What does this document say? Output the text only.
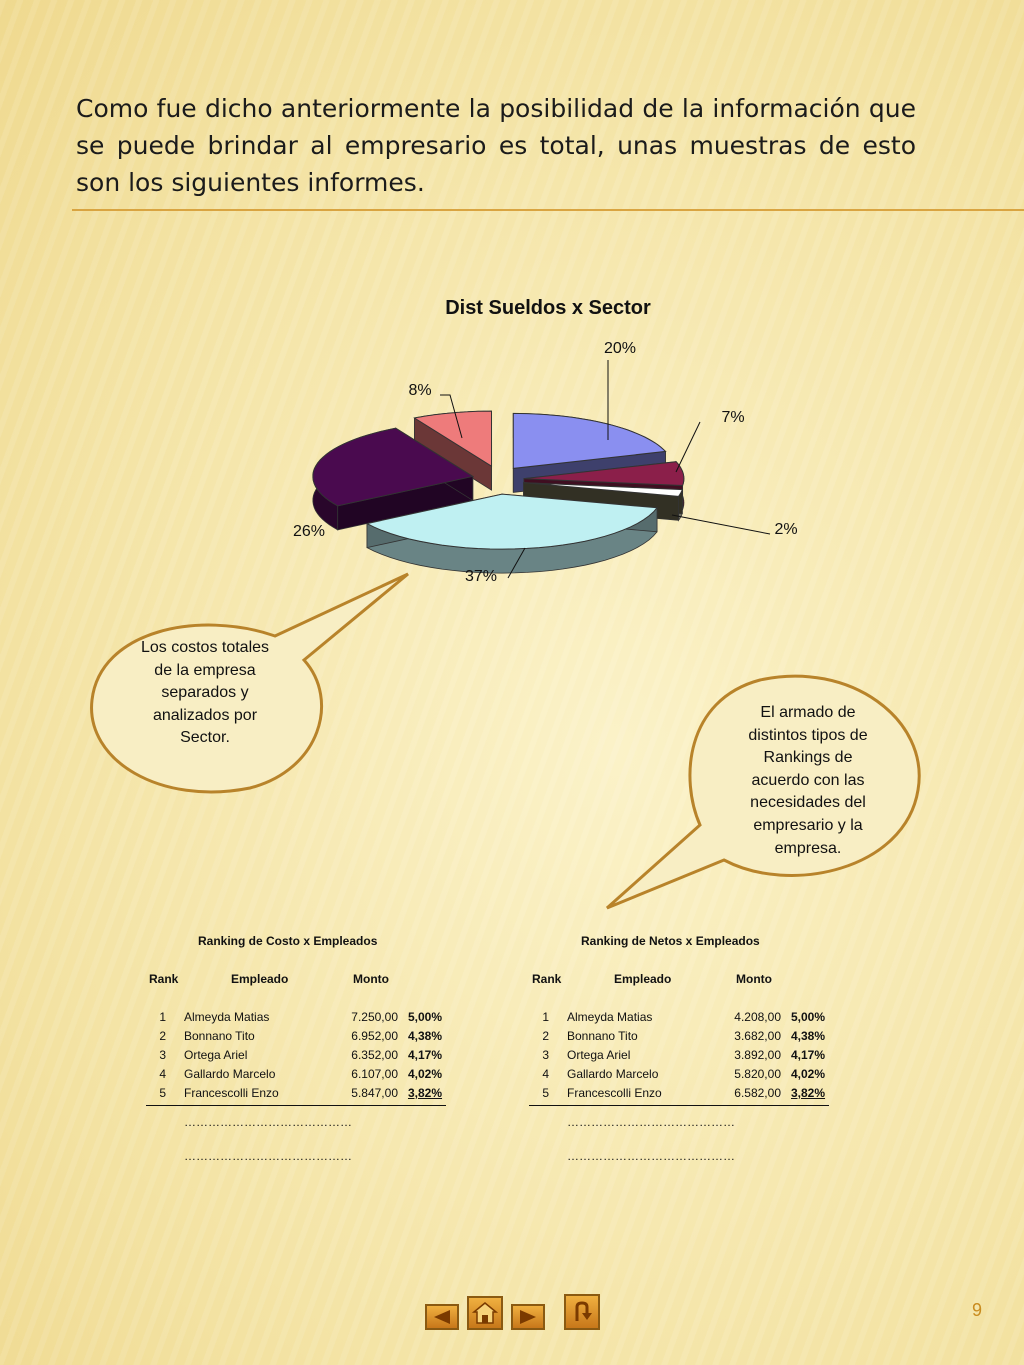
Como fue dicho anteriormente la posibilidad de la información que se puede brindar al empresario es total, unas muestras de esto son los siguientes informes.

Dist Sueldos x Sector
20%
7%
2%
37%
26%
8%
Los costos totales de la empresa separados y analizados por Sector.
El armado de distintos tipos de Rankings de acuerdo con las necesidades del empresario y la empresa.
Ranking de Costo x Empleados
Rank	Empleado	Monto
1 Almeyda Matias	7.250,00 5,00%
2 Bonnano Tito	6.952,00 4,38%
3 Ortega Ariel	6.352,00 4,17%
4 Gallardo Marcelo	6.107,00 4,02%
5 Francescolli Enzo	5.847,00 3,82%
……………………………………
……………………………………
Ranking de Netos x Empleados
Rank	Empleado	Monto
1 Almeyda Matias	4.208,00 5,00%
2 Bonnano Tito	3.682,00 4,38%
3 Ortega Ariel	3.892,00 4,17%
4 Gallardo Marcelo	5.820,00 4,02%
5 Francescolli Enzo	6.582,00 3,82%
……………………………………
……………………………………
9
